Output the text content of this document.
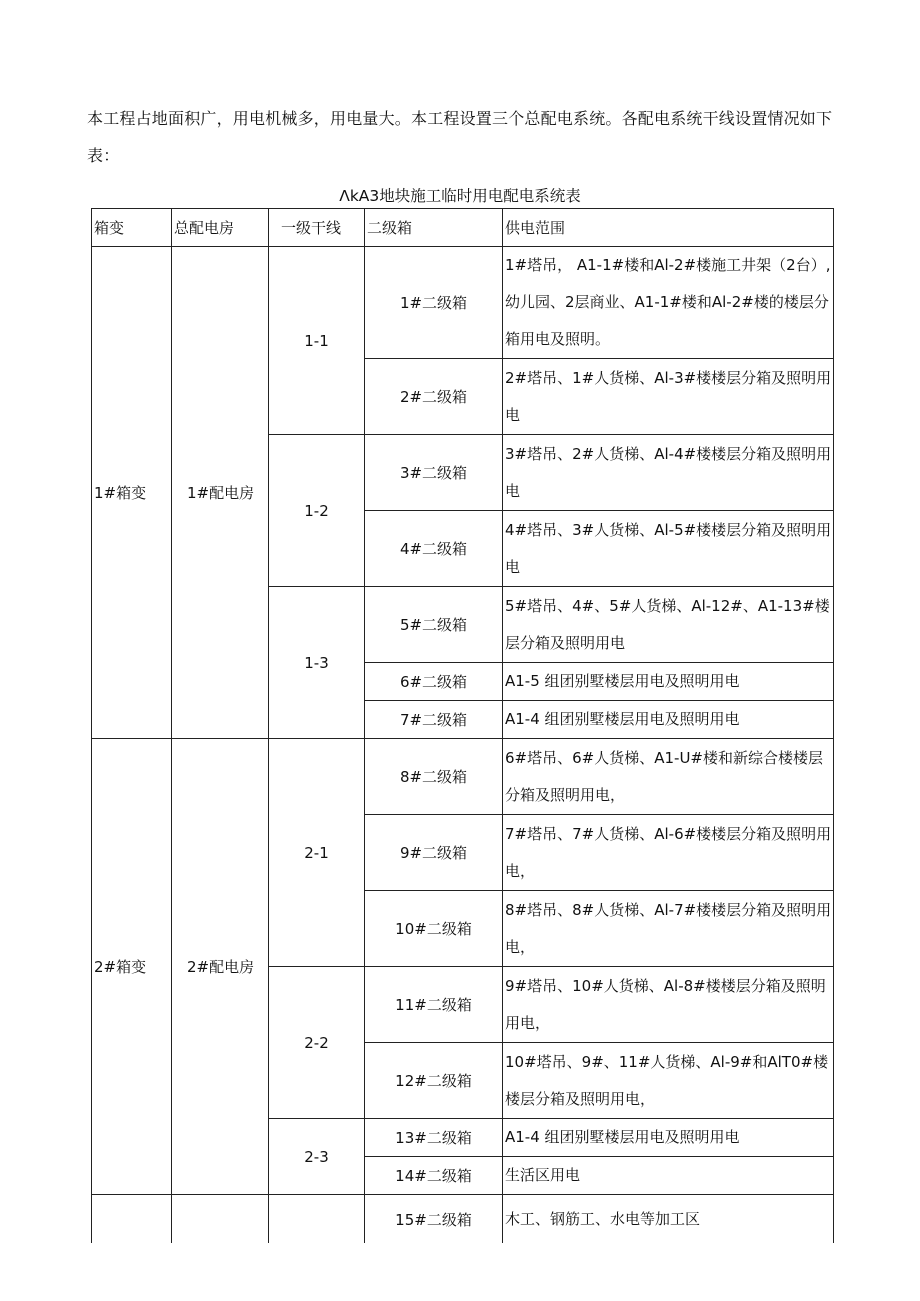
本工程占地面积广，用电机械多，用电量大。本工程设置三个总配电系统。各配电系统干线设置情况如下表：
ΛkA3地块施工临时用电配电系统表
箱变	总配电房	一级干线	二级箱	供电范围
1#箱变	1#配电房	1-1	1#二级箱	1#塔吊， A1-1#楼和Al-2#楼施工井架（2台）, 幼儿园、2层商业、A1-1#楼和Al-2#楼的楼层分箱用电及照明。
			2#二级箱	2#塔吊、1#人货梯、Al-3#楼楼层分箱及照明用电
		1-2	3#二级箱	3#塔吊、2#人货梯、Al-4#楼楼层分箱及照明用电
			4#二级箱	4#塔吊、3#人货梯、Al-5#楼楼层分箱及照明用电
		1-3	5#二级箱	5#塔吊、4#、5#人货梯、Al-12#、A1-13#楼层分箱及照明用电
			6#二级箱	A1-5 组团别墅楼层用电及照明用电
			7#二级箱	A1-4 组团别墅楼层用电及照明用电
2#箱变	2#配电房	2-1	8#二级箱	6#塔吊、6#人货梯、A1-U#楼和新综合楼楼层分箱及照明用电，
			9#二级箱	7#塔吊、7#人货梯、Al-6#楼楼层分箱及照明用电，
			10#二级箱	8#塔吊、8#人货梯、Al-7#楼楼层分箱及照明用电，
		2-2	11#二级箱	9#塔吊、10#人货梯、Al-8#楼楼层分箱及照明用电，
			12#二级箱	10#塔吊、9#、11#人货梯、Al-9#和AlT0#楼楼层分箱及照明用电，
		2-3	13#二级箱	A1-4 组团别墅楼层用电及照明用电
			14#二级箱	生活区用电
			15#二级箱	木工、钢筋工、水电等加工区
